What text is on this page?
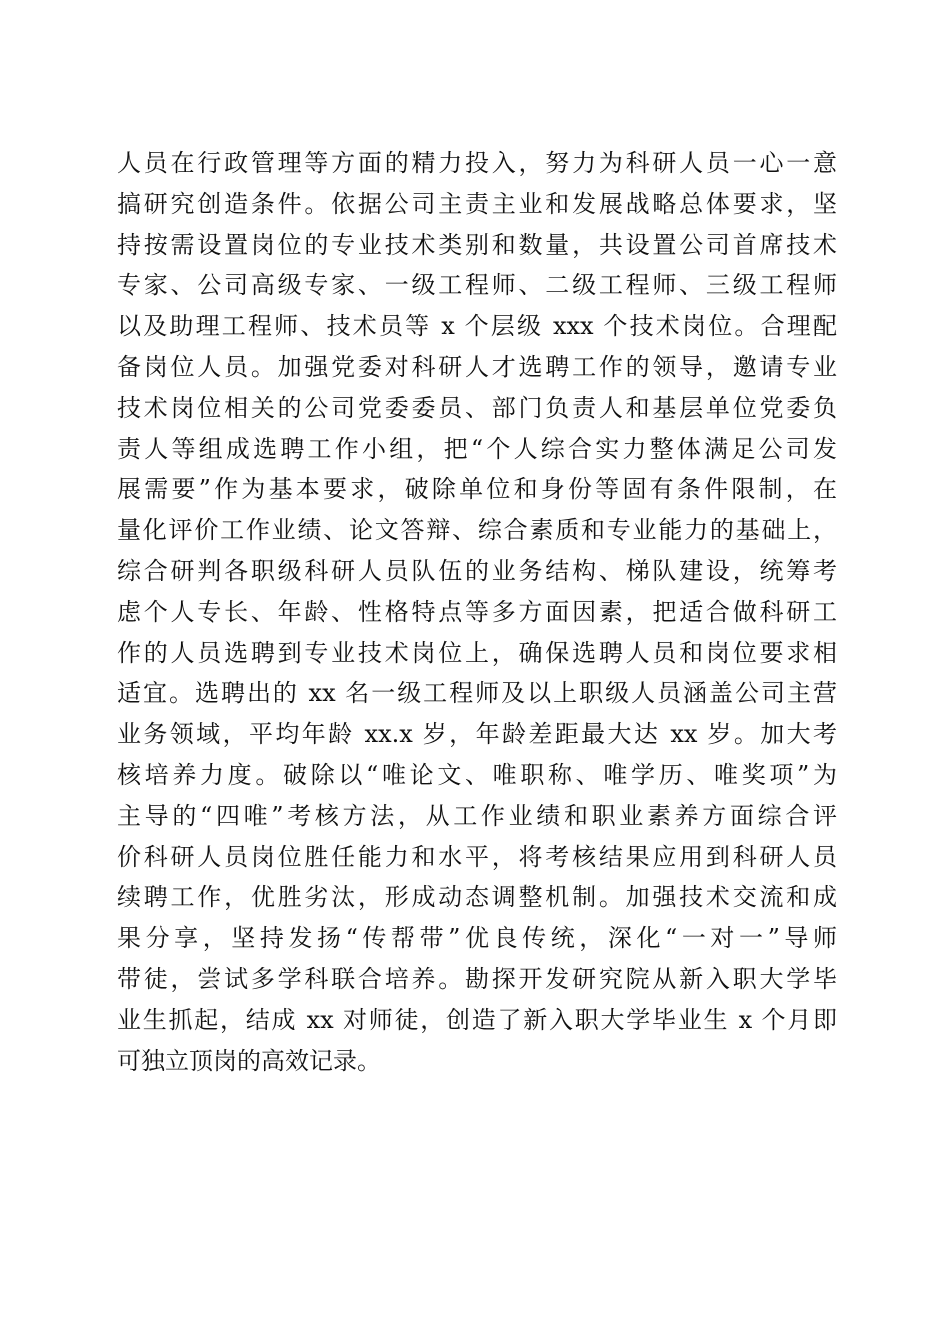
人员在行政管理等方面的精力投入，努力为科研人员一心一意
搞研究创造条件。依据公司主责主业和发展战略总体要求，坚
持按需设置岗位的专业技术类别和数量，共设置公司首席技术
专家、公司高级专家、一级工程师、二级工程师、三级工程师
以及助理工程师、技术员等 x 个层级 xxx 个技术岗位。合理配
备岗位人员。加强党委对科研人才选聘工作的领导，邀请专业
技术岗位相关的公司党委委员、部门负责人和基层单位党委负
责人等组成选聘工作小组，把“个人综合实力整体满足公司发
展需要”作为基本要求，破除单位和身份等固有条件限制，在
量化评价工作业绩、论文答辩、综合素质和专业能力的基础上，
综合研判各职级科研人员队伍的业务结构、梯队建设，统筹考
虑个人专长、年龄、性格特点等多方面因素，把适合做科研工
作的人员选聘到专业技术岗位上，确保选聘人员和岗位要求相
适宜。选聘出的 xx 名一级工程师及以上职级人员涵盖公司主营
业务领域，平均年龄 xx.x 岁，年龄差距最大达 xx 岁。加大考
核培养力度。破除以“唯论文、唯职称、唯学历、唯奖项”为
主导的“四唯”考核方法，从工作业绩和职业素养方面综合评
价科研人员岗位胜任能力和水平，将考核结果应用到科研人员
续聘工作，优胜劣汰，形成动态调整机制。加强技术交流和成
果分享，坚持发扬“传帮带”优良传统，深化“一对一”导师
带徒，尝试多学科联合培养。勘探开发研究院从新入职大学毕
业生抓起，结成 xx 对师徒，创造了新入职大学毕业生 x 个月即
可独立顶岗的高效记录。
